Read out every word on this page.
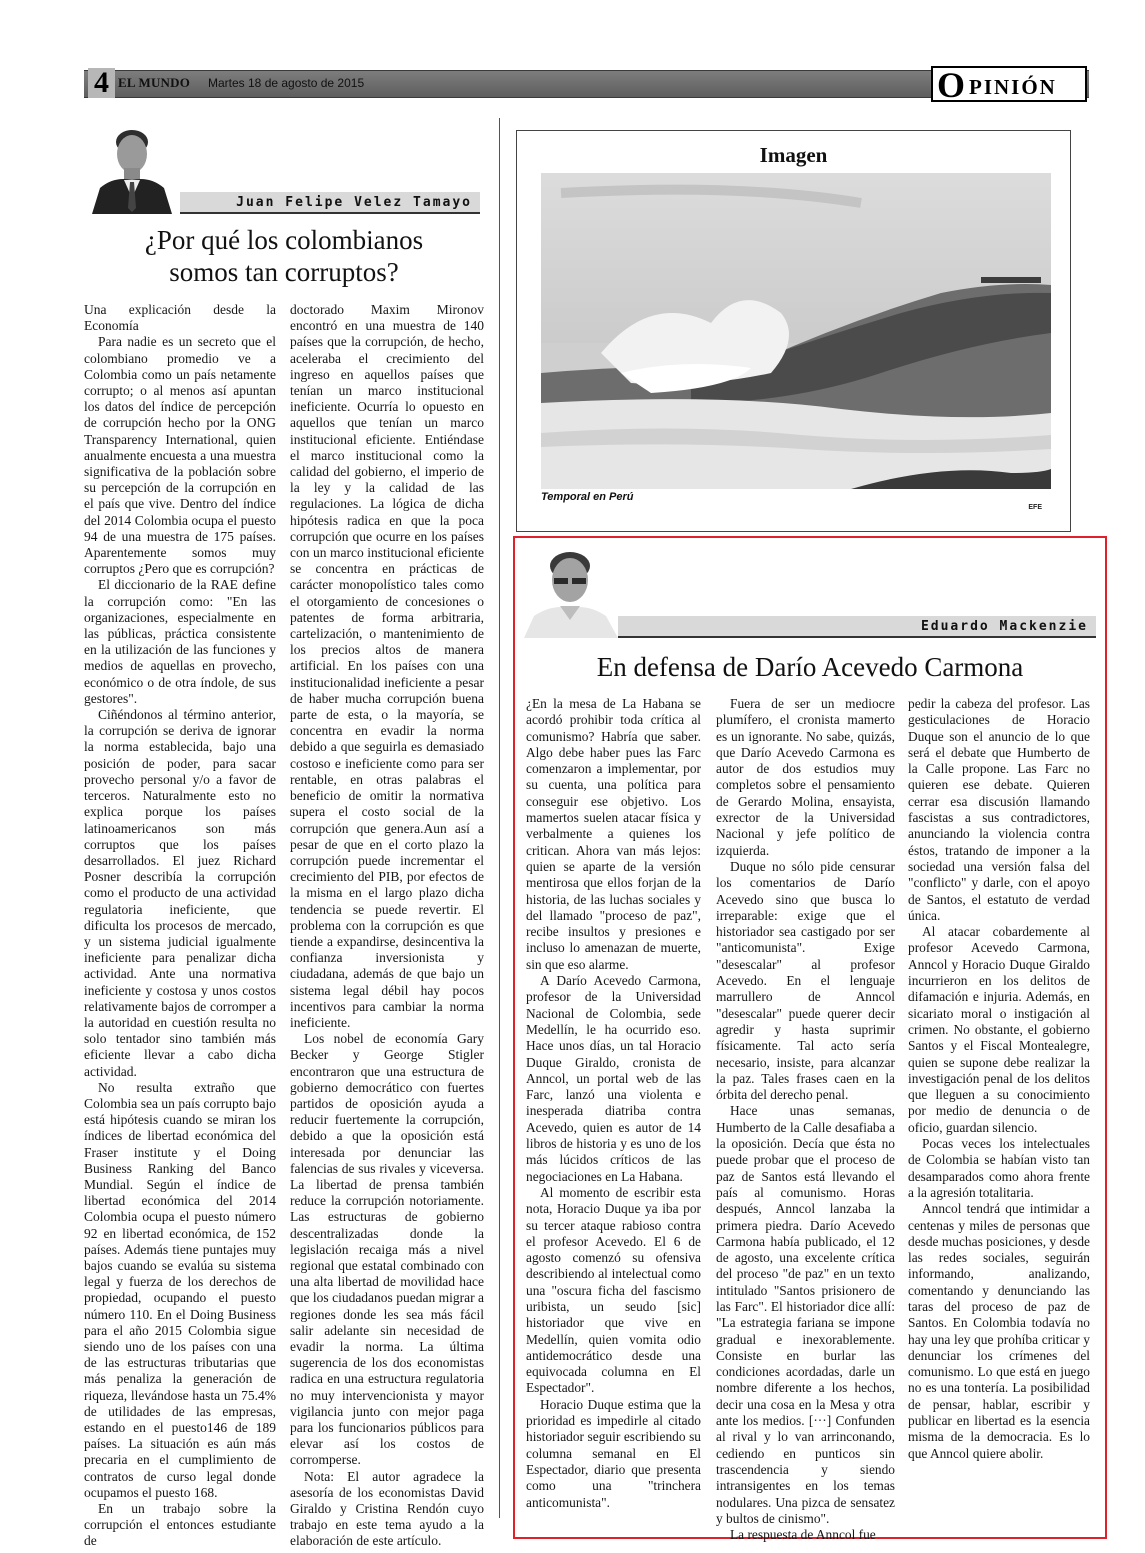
4 EL MUNDO Martes 18 de agosto de 2015	O PINIÓN
Juan Felipe Velez Tamayo
¿Por qué los colombianos
somos tan corruptos?

Una explicación desde la Economía

Para nadie es un secreto que el colombiano promedio ve a Colombia como un país netamente corrupto; o al menos así apuntan los datos del índice de percepción de corrupción hecho por la ONG Transparency International, quien anualmente encuesta a una muestra significativa de la población sobre su percepción de la corrupción en el país que vive. Dentro del índice del 2014 Colombia ocupa el puesto 94 de una muestra de 175 países. Aparentemente somos muy corruptos ¿Pero que es corrupción?

El diccionario de la RAE define la corrupción como: "En las organizaciones, especialmente en las públicas, práctica consistente en la utilización de las funciones y medios de aquellas en provecho, económico o de otra índole, de sus gestores".

Ciñéndonos al término anterior, la corrupción se deriva de ignorar la norma establecida, bajo una posición de poder, para sacar provecho personal y/o a favor de terceros. Naturalmente esto no explica porque los países latinoamericanos son más corruptos que los países desarrollados. El juez Richard Posner describía la corrupción como el producto de una actividad regulatoria ineficiente, que dificulta los procesos de mercado, y un sistema judicial igualmente ineficiente para penalizar dicha actividad. Ante una normativa ineficiente y costosa y unos costos relativamente bajos de corromper a la autoridad en cuestión resulta no solo tentador sino también más eficiente llevar a cabo dicha actividad.

No resulta extraño que Colombia sea un país corrupto bajo está hipótesis cuando se miran los índices de libertad económica del Fraser institute y el Doing Business Ranking del Banco Mundial. Según el índice de libertad económica del 2014 Colombia ocupa el puesto número 92 en libertad económica, de 152 países. Además tiene puntajes muy bajos cuando se evalúa su sistema legal y fuerza de los derechos de propiedad, ocupando el puesto número 110. En el Doing Business para el año 2015 Colombia sigue siendo uno de los países con una de las estructuras tributarias que más penaliza la generación de riqueza, llevándose hasta un 75.4% de utilidades de las empresas, estando en el puesto146 de 189 países. La situación es aún más precaria en el cumplimiento de contratos de curso legal donde ocupamos el puesto 168.

En un trabajo sobre la corrupción el entonces estudiante de

doctorado Maxim Mironov encontró en una muestra de 140 países que la corrupción, de hecho, aceleraba el crecimiento del ingreso en aquellos países que tenían un marco institucional ineficiente. Ocurría lo opuesto en aquellos que tenían un marco institucional eficiente. Entiéndase el marco institucional como la calidad del gobierno, el imperio de la ley y la calidad de las regulaciones. La lógica de dicha hipótesis radica en que la poca corrupción que ocurre en los países con un marco institucional eficiente se concentra en prácticas de carácter monopolístico tales como el otorgamiento de concesiones o patentes de forma arbitraria, cartelización, o mantenimiento de los precios altos de manera artificial. En los países con una institucionalidad ineficiente a pesar de haber mucha corrupción buena parte de esta, o la mayoría, se concentra en evadir la norma debido a que seguirla es demasiado costoso e ineficiente como para ser rentable, en otras palabras el beneficio de omitir la normativa supera el costo social de la corrupción que genera.Aun así a pesar de que en el corto plazo la corrupción puede incrementar el crecimiento del PIB, por efectos de la misma en el largo plazo dicha tendencia se puede revertir. El problema con la corrupción es que tiende a expandirse, desincentiva la confianza inversionista y ciudadana, además de que bajo un sistema legal débil hay pocos incentivos para cambiar la norma ineficiente.

Los nobel de economía Gary Becker y George Stigler encontraron que una estructura de gobierno democrático con fuertes partidos de oposición ayuda a reducir fuertemente la corrupción, debido a que la oposición está interesada por denunciar las falencias de sus rivales y viceversa. La libertad de prensa también reduce la corrupción notoriamente. Las estructuras de gobierno descentralizadas donde la legislación recaiga más a nivel regional que estatal combinado con una alta libertad de movilidad hace que los ciudadanos puedan migrar a regiones donde les sea más fácil salir adelante sin necesidad de evadir la norma. La última sugerencia de los dos economistas radica en una estructura regulatoria no muy intervencionista y mayor vigilancia junto con mejor paga para los funcionarios públicos para elevar así los costos de corromperse.

Nota: El autor agradece la asesoría de los economistas David Giraldo y Cristina Rendón cuyo trabajo en este tema ayudo a la elaboración de este artículo.

Imagen
Temporal en Perú
EFE
Eduardo Mackenzie
En defensa de Darío Acevedo Carmona

¿En la mesa de La Habana se acordó prohibir toda crítica al comunismo? Habría que saber. Algo debe haber pues las Farc comenzaron a implementar, por su cuenta, una política para conseguir ese objetivo. Los mamertos suelen atacar física y verbalmente a quienes los critican. Ahora van más lejos: quien se aparte de la versión mentirosa que ellos forjan de la historia, de las luchas sociales y del llamado "proceso de paz", recibe insultos y presiones e incluso lo amenazan de muerte, sin que eso alarme.

A Darío Acevedo Carmona, profesor de la Universidad Nacional de Colombia, sede Medellín, le ha ocurrido eso. Hace unos días, un tal Horacio Duque Giraldo, cronista de Anncol, un portal web de las Farc, lanzó una violenta e inesperada diatriba contra Acevedo, quien es autor de 14 libros de historia y es uno de los más lúcidos críticos de las negociaciones en La Habana.

Al momento de escribir esta nota, Horacio Duque ya iba por su tercer ataque rabioso contra el profesor Acevedo. El 6 de agosto comenzó su ofensiva describiendo al intelectual como una "oscura ficha del fascismo uribista, un seudo [sic] historiador que vive en Medellín, quien vomita odio antidemocrático desde una equivocada columna en El Espectador".

Horacio Duque estima que la prioridad es impedirle al citado historiador seguir escribiendo su columna semanal en El Espectador, diario que presenta como una "trinchera anticomunista".

Fuera de ser un mediocre plumífero, el cronista mamerto es un ignorante. No sabe, quizás, que Darío Acevedo Carmona es autor de dos estudios muy completos sobre el pensamiento de Gerardo Molina, ensayista, exrector de la Universidad Nacional y jefe político de izquierda.

Duque no sólo pide censurar los comentarios de Darío Acevedo sino que busca lo irreparable: exige que el historiador sea castigado por ser "anticomunista". Exige "desescalar" al profesor Acevedo. En el lenguaje marrullero de Anncol "desescalar" puede querer decir agredir y hasta suprimir físicamente. Tal acto sería necesario, insiste, para alcanzar la paz. Tales frases caen en la órbita del derecho penal.

Hace unas semanas, Humberto de la Calle desafiaba a la oposición. Decía que ésta no puede probar que el proceso de paz de Santos está llevando el país al comunismo. Horas después, Anncol lanzaba la primera piedra. Darío Acevedo Carmona había publicado, el 12 de agosto, una excelente crítica del proceso "de paz" en un texto intitulado "Santos prisionero de las Farc". El historiador dice allí: "La estrategia fariana se impone gradual e inexorablemente. Consiste en burlar las condiciones acordadas, darle un nombre diferente a los hechos, decir una cosa en la Mesa y otra ante los medios. [···] Confunden al rival y lo van arrinconando, cediendo en punticos sin trascendencia y siendo intransigentes en los temas nodulares. Una pizca de sensatez y bultos de cinismo".

La respuesta de Anncol fue

pedir la cabeza del profesor. Las gesticulaciones de Horacio Duque son el anuncio de lo que será el debate que Humberto de la Calle propone. Las Farc no quieren ese debate. Quieren cerrar esa discusión llamando fascistas a sus contradictores, anunciando la violencia contra éstos, tratando de imponer a la sociedad una versión falsa del "conflicto" y darle, con el apoyo de Santos, el estatuto de verdad única.

Al atacar cobardemente al profesor Acevedo Carmona, Anncol y Horacio Duque Giraldo incurrieron en los delitos de difamación e injuria. Además, en sicariato moral o instigación al crimen. No obstante, el gobierno Santos y el Fiscal Montealegre, quien se supone debe realizar la investigación penal de los delitos que lleguen a su conocimiento por medio de denuncia o de oficio, guardan silencio.

Pocas veces los intelectuales de Colombia se habían visto tan desamparados como ahora frente a la agresión totalitaria.

Anncol tendrá que intimidar a centenas y miles de personas que desde muchas posiciones, y desde las redes sociales, seguirán informando, analizando, comentando y denunciando las taras del proceso de paz de Santos. En Colombia todavía no hay una ley que prohíba criticar y denunciar los crímenes del comunismo. Lo que está en juego no es una tontería. La posibilidad de pensar, hablar, escribir y publicar en libertad es la esencia misma de la democracia. Es lo que Anncol quiere abolir.
